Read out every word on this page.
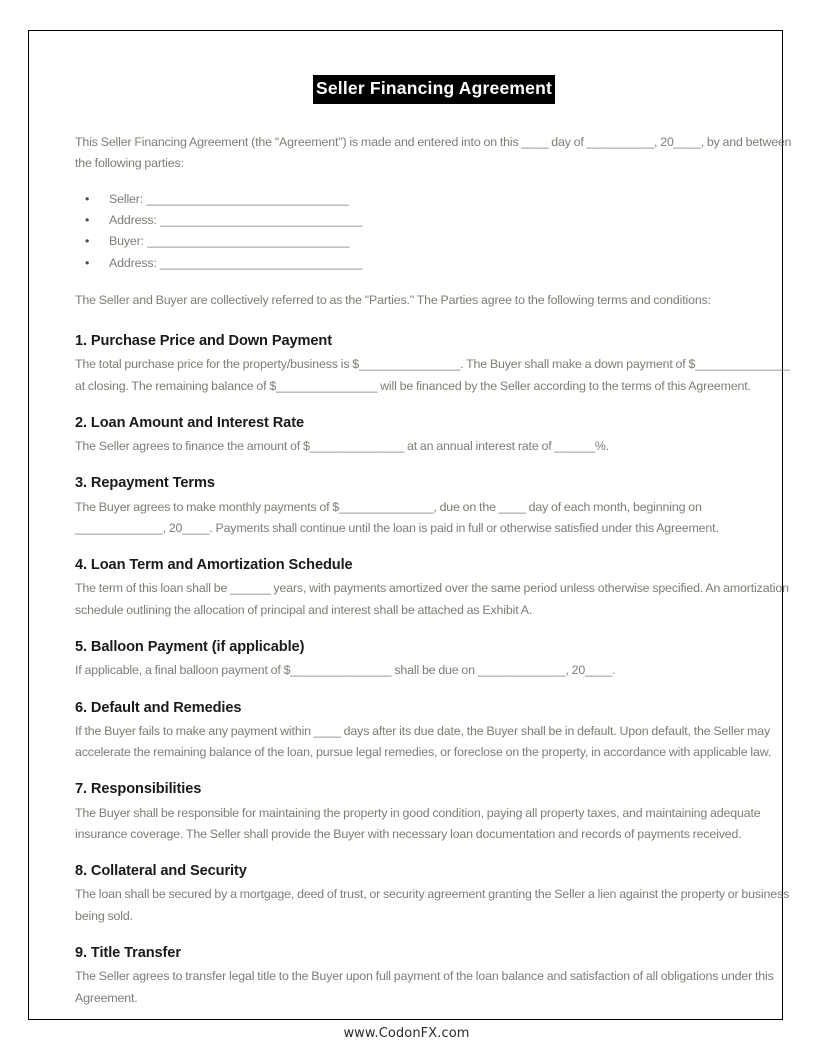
Seller Financing Agreement

This Seller Financing Agreement (the "Agreement") is made and entered into on this ____ day of __________, 20____, by and between the following parties:

• Seller: ______________________________
• Address: ______________________________
• Buyer: ______________________________
• Address: ______________________________

The Seller and Buyer are collectively referred to as the "Parties." The Parties agree to the following terms and conditions:

1. Purchase Price and Down Payment

The total purchase price for the property/business is $_______________. The Buyer shall make a down payment of $______________ at closing. The remaining balance of $_______________ will be financed by the Seller according to the terms of this Agreement.

2. Loan Amount and Interest Rate

The Seller agrees to finance the amount of $______________ at an annual interest rate of ______%.

3. Repayment Terms

The Buyer agrees to make monthly payments of $______________, due on the ____ day of each month, beginning on _____________, 20____. Payments shall continue until the loan is paid in full or otherwise satisfied under this Agreement.

4. Loan Term and Amortization Schedule

The term of this loan shall be ______ years, with payments amortized over the same period unless otherwise specified. An amortization schedule outlining the allocation of principal and interest shall be attached as Exhibit A.

5. Balloon Payment (if applicable)

If applicable, a final balloon payment of $_______________ shall be due on _____________, 20____.

6. Default and Remedies

If the Buyer fails to make any payment within ____ days after its due date, the Buyer shall be in default. Upon default, the Seller may accelerate the remaining balance of the loan, pursue legal remedies, or foreclose on the property, in accordance with applicable law.

7. Responsibilities

The Buyer shall be responsible for maintaining the property in good condition, paying all property taxes, and maintaining adequate insurance coverage. The Seller shall provide the Buyer with necessary loan documentation and records of payments received.

8. Collateral and Security

The loan shall be secured by a mortgage, deed of trust, or security agreement granting the Seller a lien against the property or business being sold.

9. Title Transfer

The Seller agrees to transfer legal title to the Buyer upon full payment of the loan balance and satisfaction of all obligations under this Agreement.

www.CodonFX.com
